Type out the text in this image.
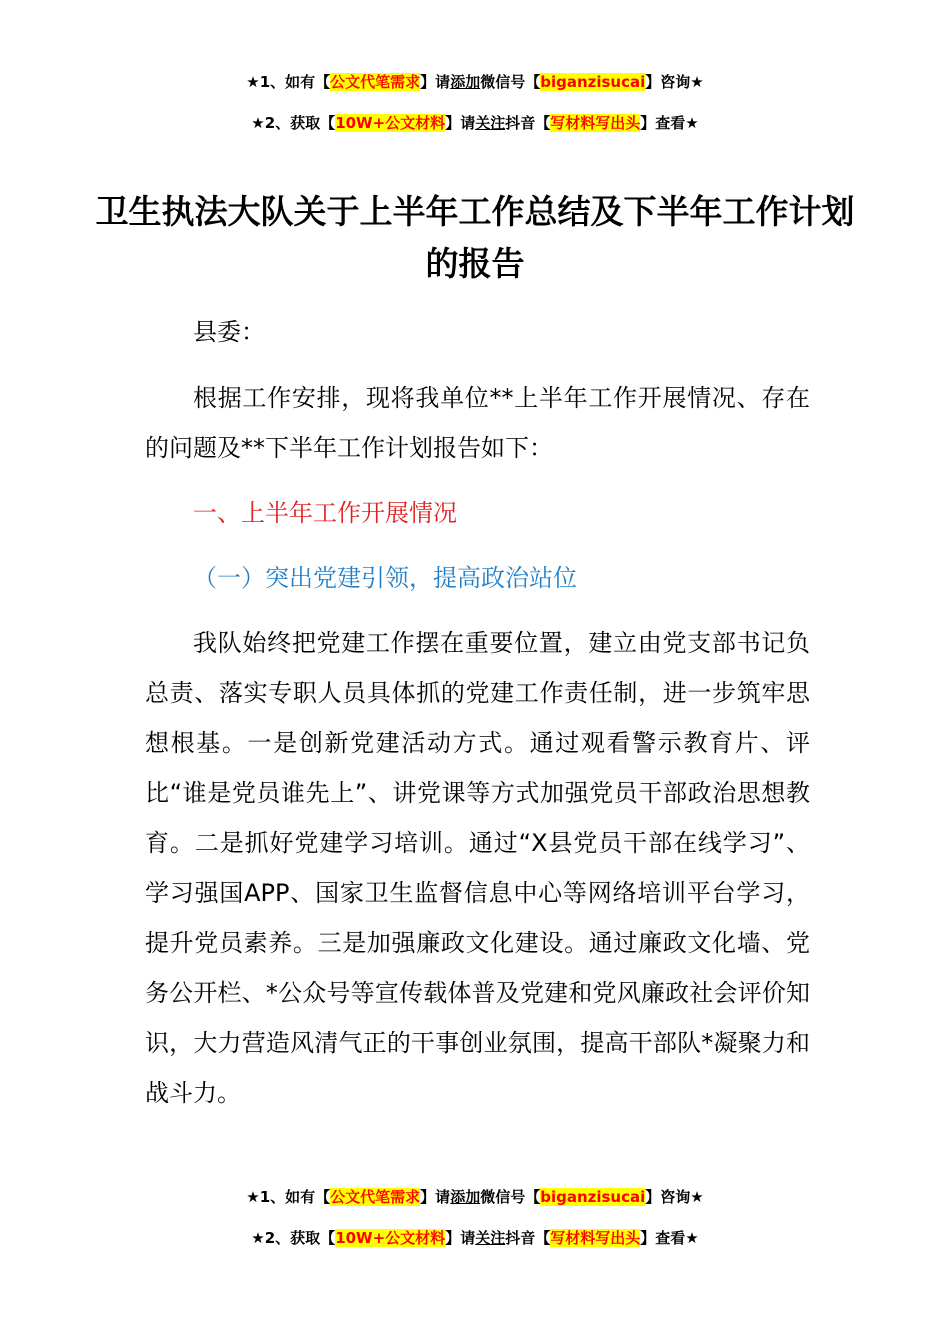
★1、如有【公文代笔需求】请添加微信号【biganzisucai】咨询★
★2、获取【10W+公文材料】请关注抖音【写材料写出头】查看★
卫生执法大队关于上半年工作总结及下半年工作计划的报告

县委：

根据工作安排，现将我单位**上半年工作开展情况、存在的问题及**下半年工作计划报告如下：

一、上半年工作开展情况

（一）突出党建引领，提高政治站位

我队始终把党建工作摆在重要位置，建立由党支部书记负总责、落实专职人员具体抓的党建工作责任制，进一步筑牢思想根基。一是创新党建活动方式。通过观看警示教育片、评比“谁是党员谁先上”、讲党课等方式加强党员干部政治思想教育。二是抓好党建学习培训。通过“X县党员干部在线学习”、学习强国APP、国家卫生监督信息中心等网络培训平台学习，提升党员素养。三是加强廉政文化建设。通过廉政文化墙、党务公开栏、*公众号等宣传载体普及党建和党风廉政社会评价知识，大力营造风清气正的干事创业氛围，提高干部队*凝聚力和战斗力。

★1、如有【公文代笔需求】请添加微信号【biganzisucai】咨询★
★2、获取【10W+公文材料】请关注抖音【写材料写出头】查看★
